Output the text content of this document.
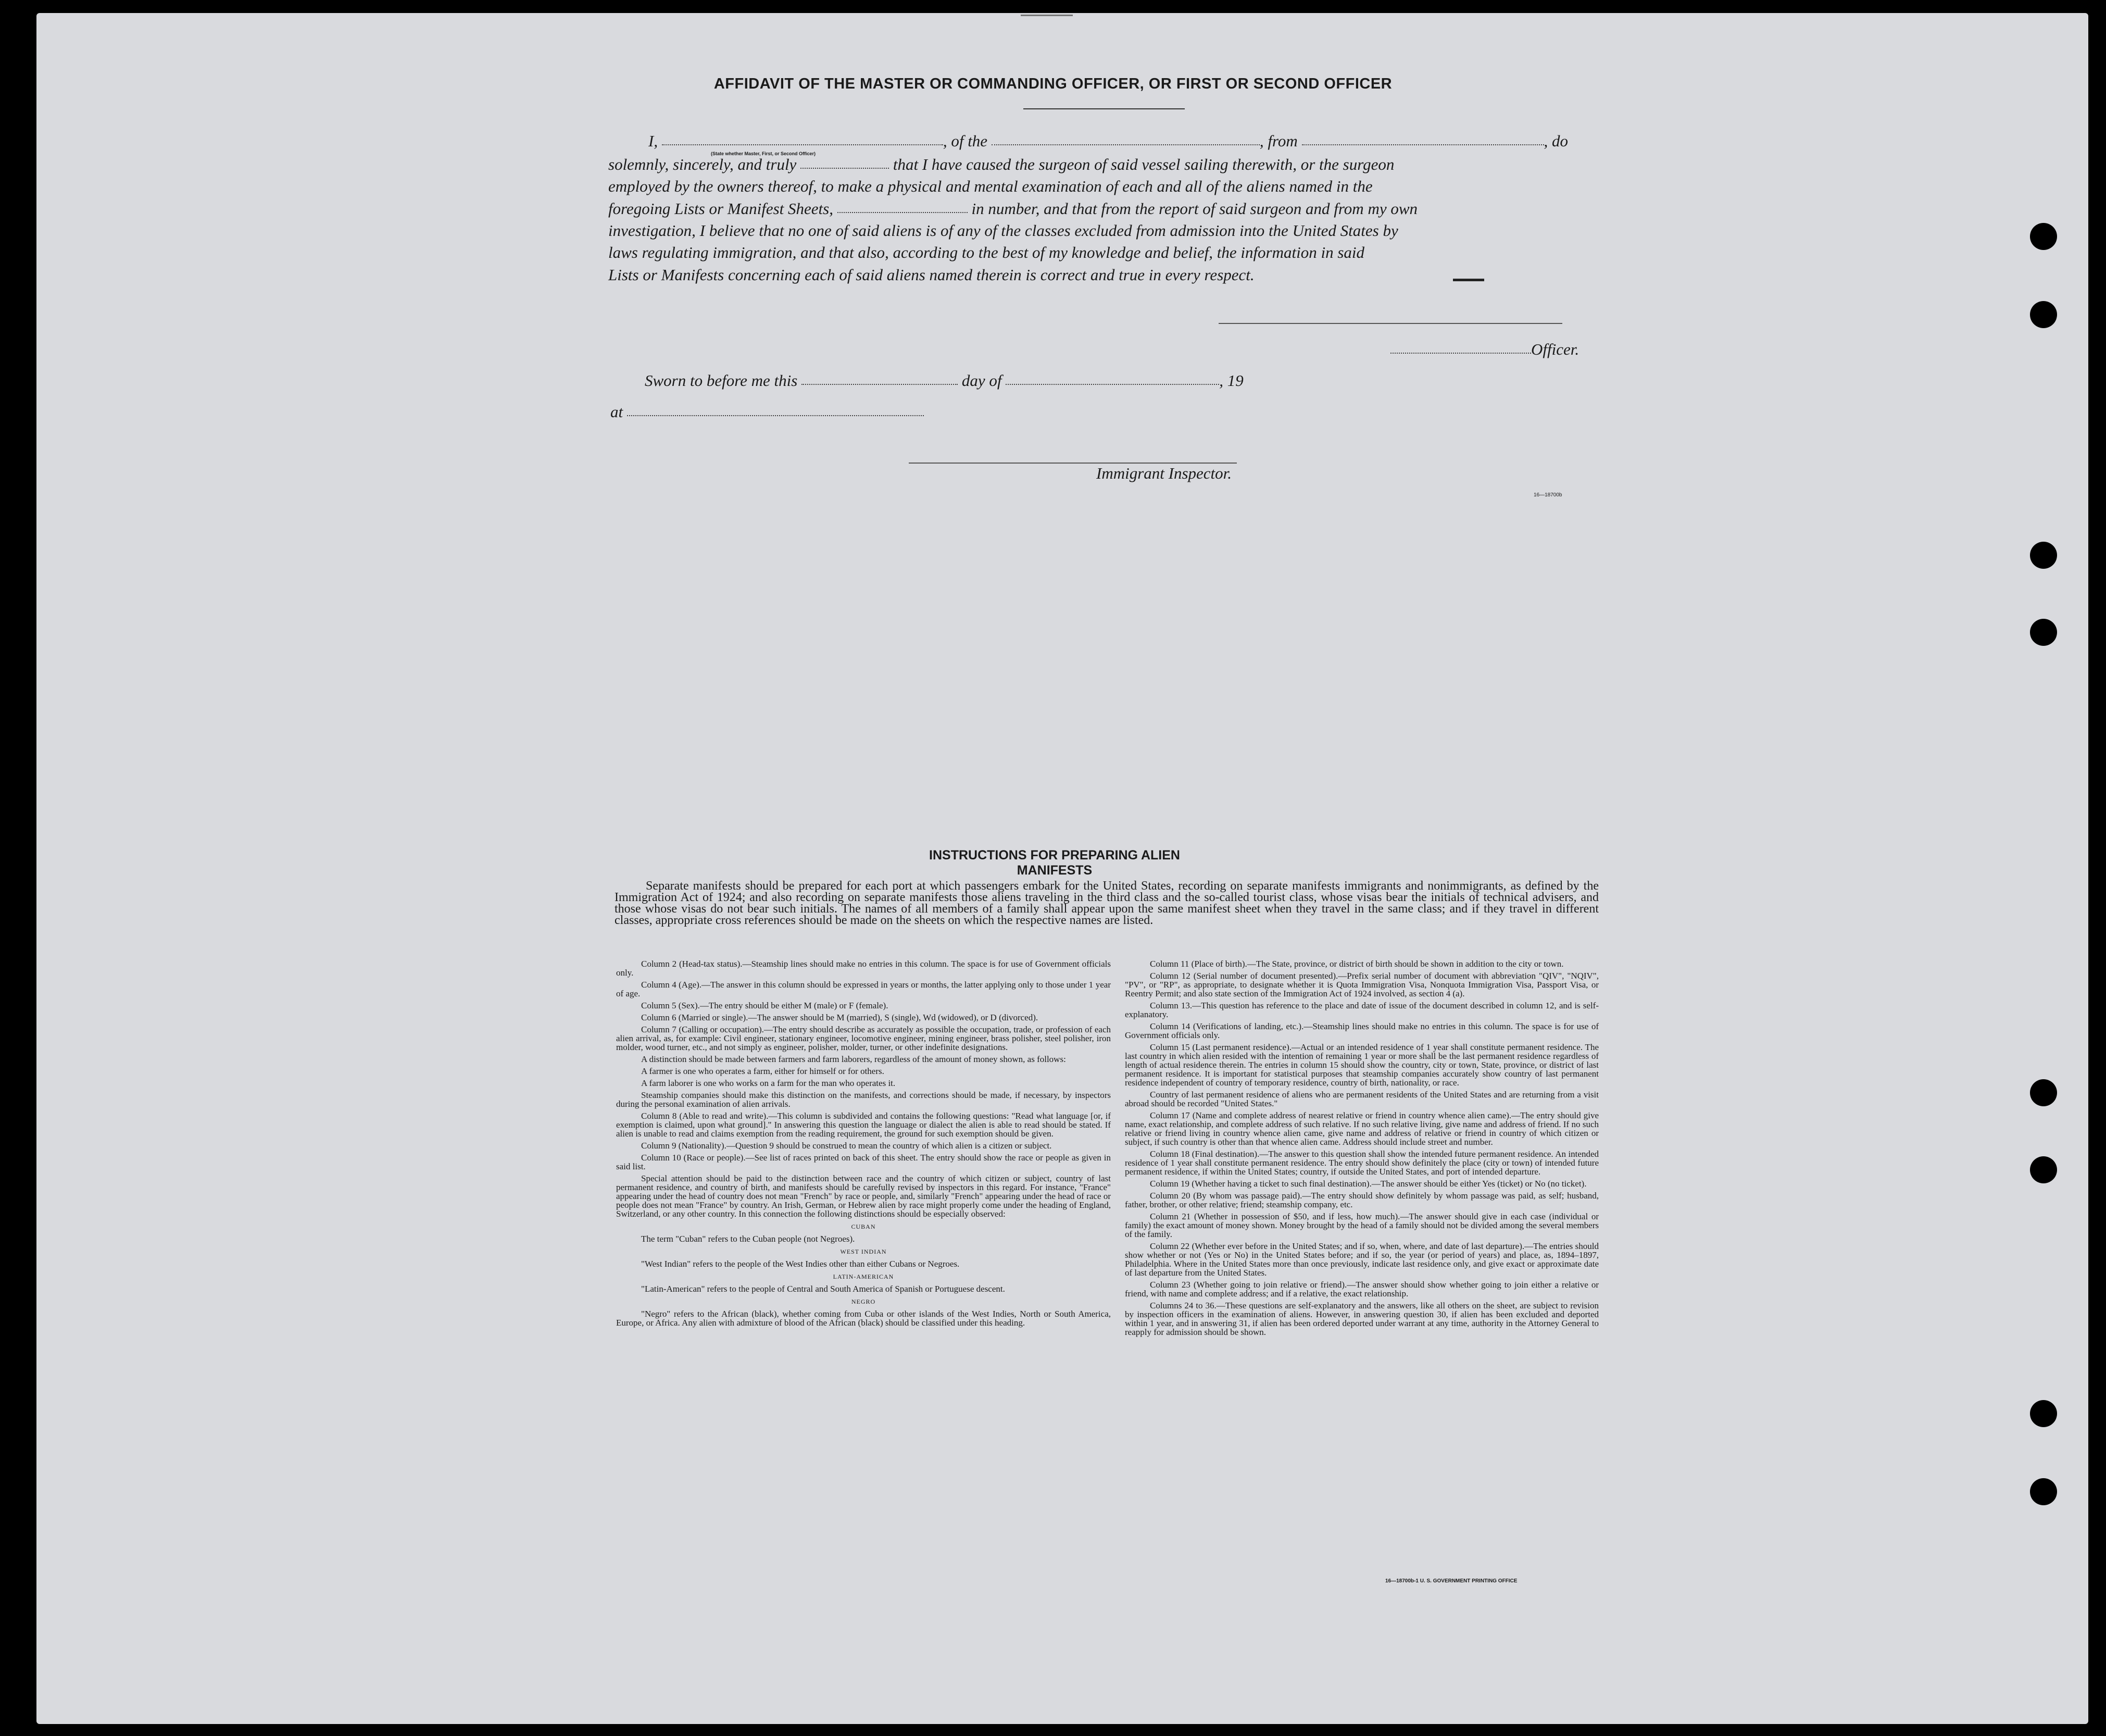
AFFIDAVIT OF THE MASTER OR COMMANDING OFFICER, OR FIRST OR SECOND OFFICER
I,	, of the	, from	, do
(State whether Master, First, or Second Officer)
solemnly, sincerely, and truly	that I have caused the surgeon of said vessel sailing therewith, or the surgeon
employed by the owners thereof, to make a physical and mental examination of each and all of the aliens named in the
foregoing Lists or Manifest Sheets,	in number, and that from the report of said surgeon and from my own
investigation, I believe that no one of said aliens is of any of the classes excluded from admission into the United States by
laws regulating immigration, and that also, according to the best of my knowledge and belief, the information in said
Lists or Manifests concerning each of said aliens named therein is correct and true in every respect.
Officer.
Sworn to before me this	day of	, 19
at
Immigrant Inspector.
16—18700b
INSTRUCTIONS FOR PREPARING ALIEN MANIFESTS
Separate manifests should be prepared for each port at which passengers embark for the United States, recording on separate manifests immigrants and nonimmigrants, as defined by the Immigration Act of 1924; and also recording on separate manifests those aliens traveling in the third class and the so-called tourist class, whose visas bear the initials of technical advisers, and those whose visas do not bear such initials. The names of all members of a family shall appear upon the same manifest sheet when they travel in the same class; and if they travel in different classes, appropriate cross references should be made on the sheets on which the respective names are listed.

Column 2 (Head-tax status).—Steamship lines should make no entries in this column. The space is for use of Government officials only.

Column 4 (Age).—The answer in this column should be expressed in years or months, the latter applying only to those under 1 year of age.

Column 5 (Sex).—The entry should be either M (male) or F (female).

Column 6 (Married or single).—The answer should be M (married), S (single), Wd (widowed), or D (divorced).

Column 7 (Calling or occupation).—The entry should describe as accurately as possible the occupation, trade, or profession of each alien arrival, as, for example: Civil engineer, stationary engineer, locomotive engineer, mining engineer, brass polisher, steel polisher, iron molder, wood turner, etc., and not simply as engineer, polisher, molder, turner, or other indefinite designations.

A distinction should be made between farmers and farm laborers, regardless of the amount of money shown, as follows:

A farmer is one who operates a farm, either for himself or for others.

A farm laborer is one who works on a farm for the man who operates it.

Steamship companies should make this distinction on the manifests, and corrections should be made, if necessary, by inspectors during the personal examination of alien arrivals.

Column 8 (Able to read and write).—This column is subdivided and contains the following questions: "Read what language [or, if exemption is claimed, upon what ground]." In answering this question the language or dialect the alien is able to read should be stated. If alien is unable to read and claims exemption from the reading requirement, the ground for such exemption should be given.

Column 9 (Nationality).—Question 9 should be construed to mean the country of which alien is a citizen or subject.

Column 10 (Race or people).—See list of races printed on back of this sheet. The entry should show the race or people as given in said list.

Special attention should be paid to the distinction between race and the country of which citizen or subject, country of last permanent residence, and country of birth, and manifests should be carefully revised by inspectors in this regard. For instance, "France" appearing under the head of country does not mean "French" by race or people, and, similarly "French" appearing under the head of race or people does not mean "France" by country. An Irish, German, or Hebrew alien by race might properly come under the heading of England, Switzerland, or any other country. In this connection the following distinctions should be especially observed:

CUBAN

The term "Cuban" refers to the Cuban people (not Negroes).

WEST INDIAN

"West Indian" refers to the people of the West Indies other than either Cubans or Negroes.

LATIN-AMERICAN

"Latin-American" refers to the people of Central and South America of Spanish or Portuguese descent.

NEGRO

"Negro" refers to the African (black), whether coming from Cuba or other islands of the West Indies, North or South America, Europe, or Africa. Any alien with admixture of blood of the African (black) should be classified under this heading.

Column 11 (Place of birth).—The State, province, or district of birth should be shown in addition to the city or town.

Column 12 (Serial number of document presented).—Prefix serial number of document with abbreviation "QIV", "NQIV", "PV", or "RP", as appropriate, to designate whether it is Quota Immigration Visa, Nonquota Immigration Visa, Passport Visa, or Reentry Permit; and also state section of the Immigration Act of 1924 involved, as section 4 (a).

Column 13.—This question has reference to the place and date of issue of the document described in column 12, and is self-explanatory.

Column 14 (Verifications of landing, etc.).—Steamship lines should make no entries in this column. The space is for use of Government officials only.

Column 15 (Last permanent residence).—Actual or an intended residence of 1 year shall constitute permanent residence. The last country in which alien resided with the intention of remaining 1 year or more shall be the last permanent residence regardless of length of actual residence therein. The entries in column 15 should show the country, city or town, State, province, or district of last permanent residence. It is important for statistical purposes that steamship companies accurately show country of last permanent residence independent of country of temporary residence, country of birth, nationality, or race.

Country of last permanent residence of aliens who are permanent residents of the United States and are returning from a visit abroad should be recorded "United States."

Column 17 (Name and complete address of nearest relative or friend in country whence alien came).—The entry should give name, exact relationship, and complete address of such relative. If no such relative living, give name and address of friend. If no such relative or friend living in country whence alien came, give name and address of relative or friend in country of which citizen or subject, if such country is other than that whence alien came. Address should include street and number.

Column 18 (Final destination).—The answer to this question shall show the intended future permanent residence. An intended residence of 1 year shall constitute permanent residence. The entry should show definitely the place (city or town) of intended future permanent residence, if within the United States; country, if outside the United States, and port of intended departure.

Column 19 (Whether having a ticket to such final destination).—The answer should be either Yes (ticket) or No (no ticket).

Column 20 (By whom was passage paid).—The entry should show definitely by whom passage was paid, as self; husband, father, brother, or other relative; friend; steamship company, etc.

Column 21 (Whether in possession of $50, and if less, how much).—The answer should give in each case (individual or family) the exact amount of money shown. Money brought by the head of a family should not be divided among the several members of the family.

Column 22 (Whether ever before in the United States; and if so, when, where, and date of last departure).—The entries should show whether or not (Yes or No) in the United States before; and if so, the year (or period of years) and place, as, 1894–1897, Philadelphia. Where in the United States more than once previously, indicate last residence only, and give exact or approximate date of last departure from the United States.

Column 23 (Whether going to join relative or friend).—The answer should show whether going to join either a relative or friend, with name and complete address; and if a relative, the exact relationship.

Columns 24 to 36.—These questions are self-explanatory and the answers, like all others on the sheet, are subject to revision by inspection officers in the examination of aliens. However, in answering question 30, if alien has been excluded and deported within 1 year, and in answering 31, if alien has been ordered deported under warrant at any time, authority in the Attorney General to reapply for admission should be shown.

16—18700b-1 U. S. GOVERNMENT PRINTING OFFICE
